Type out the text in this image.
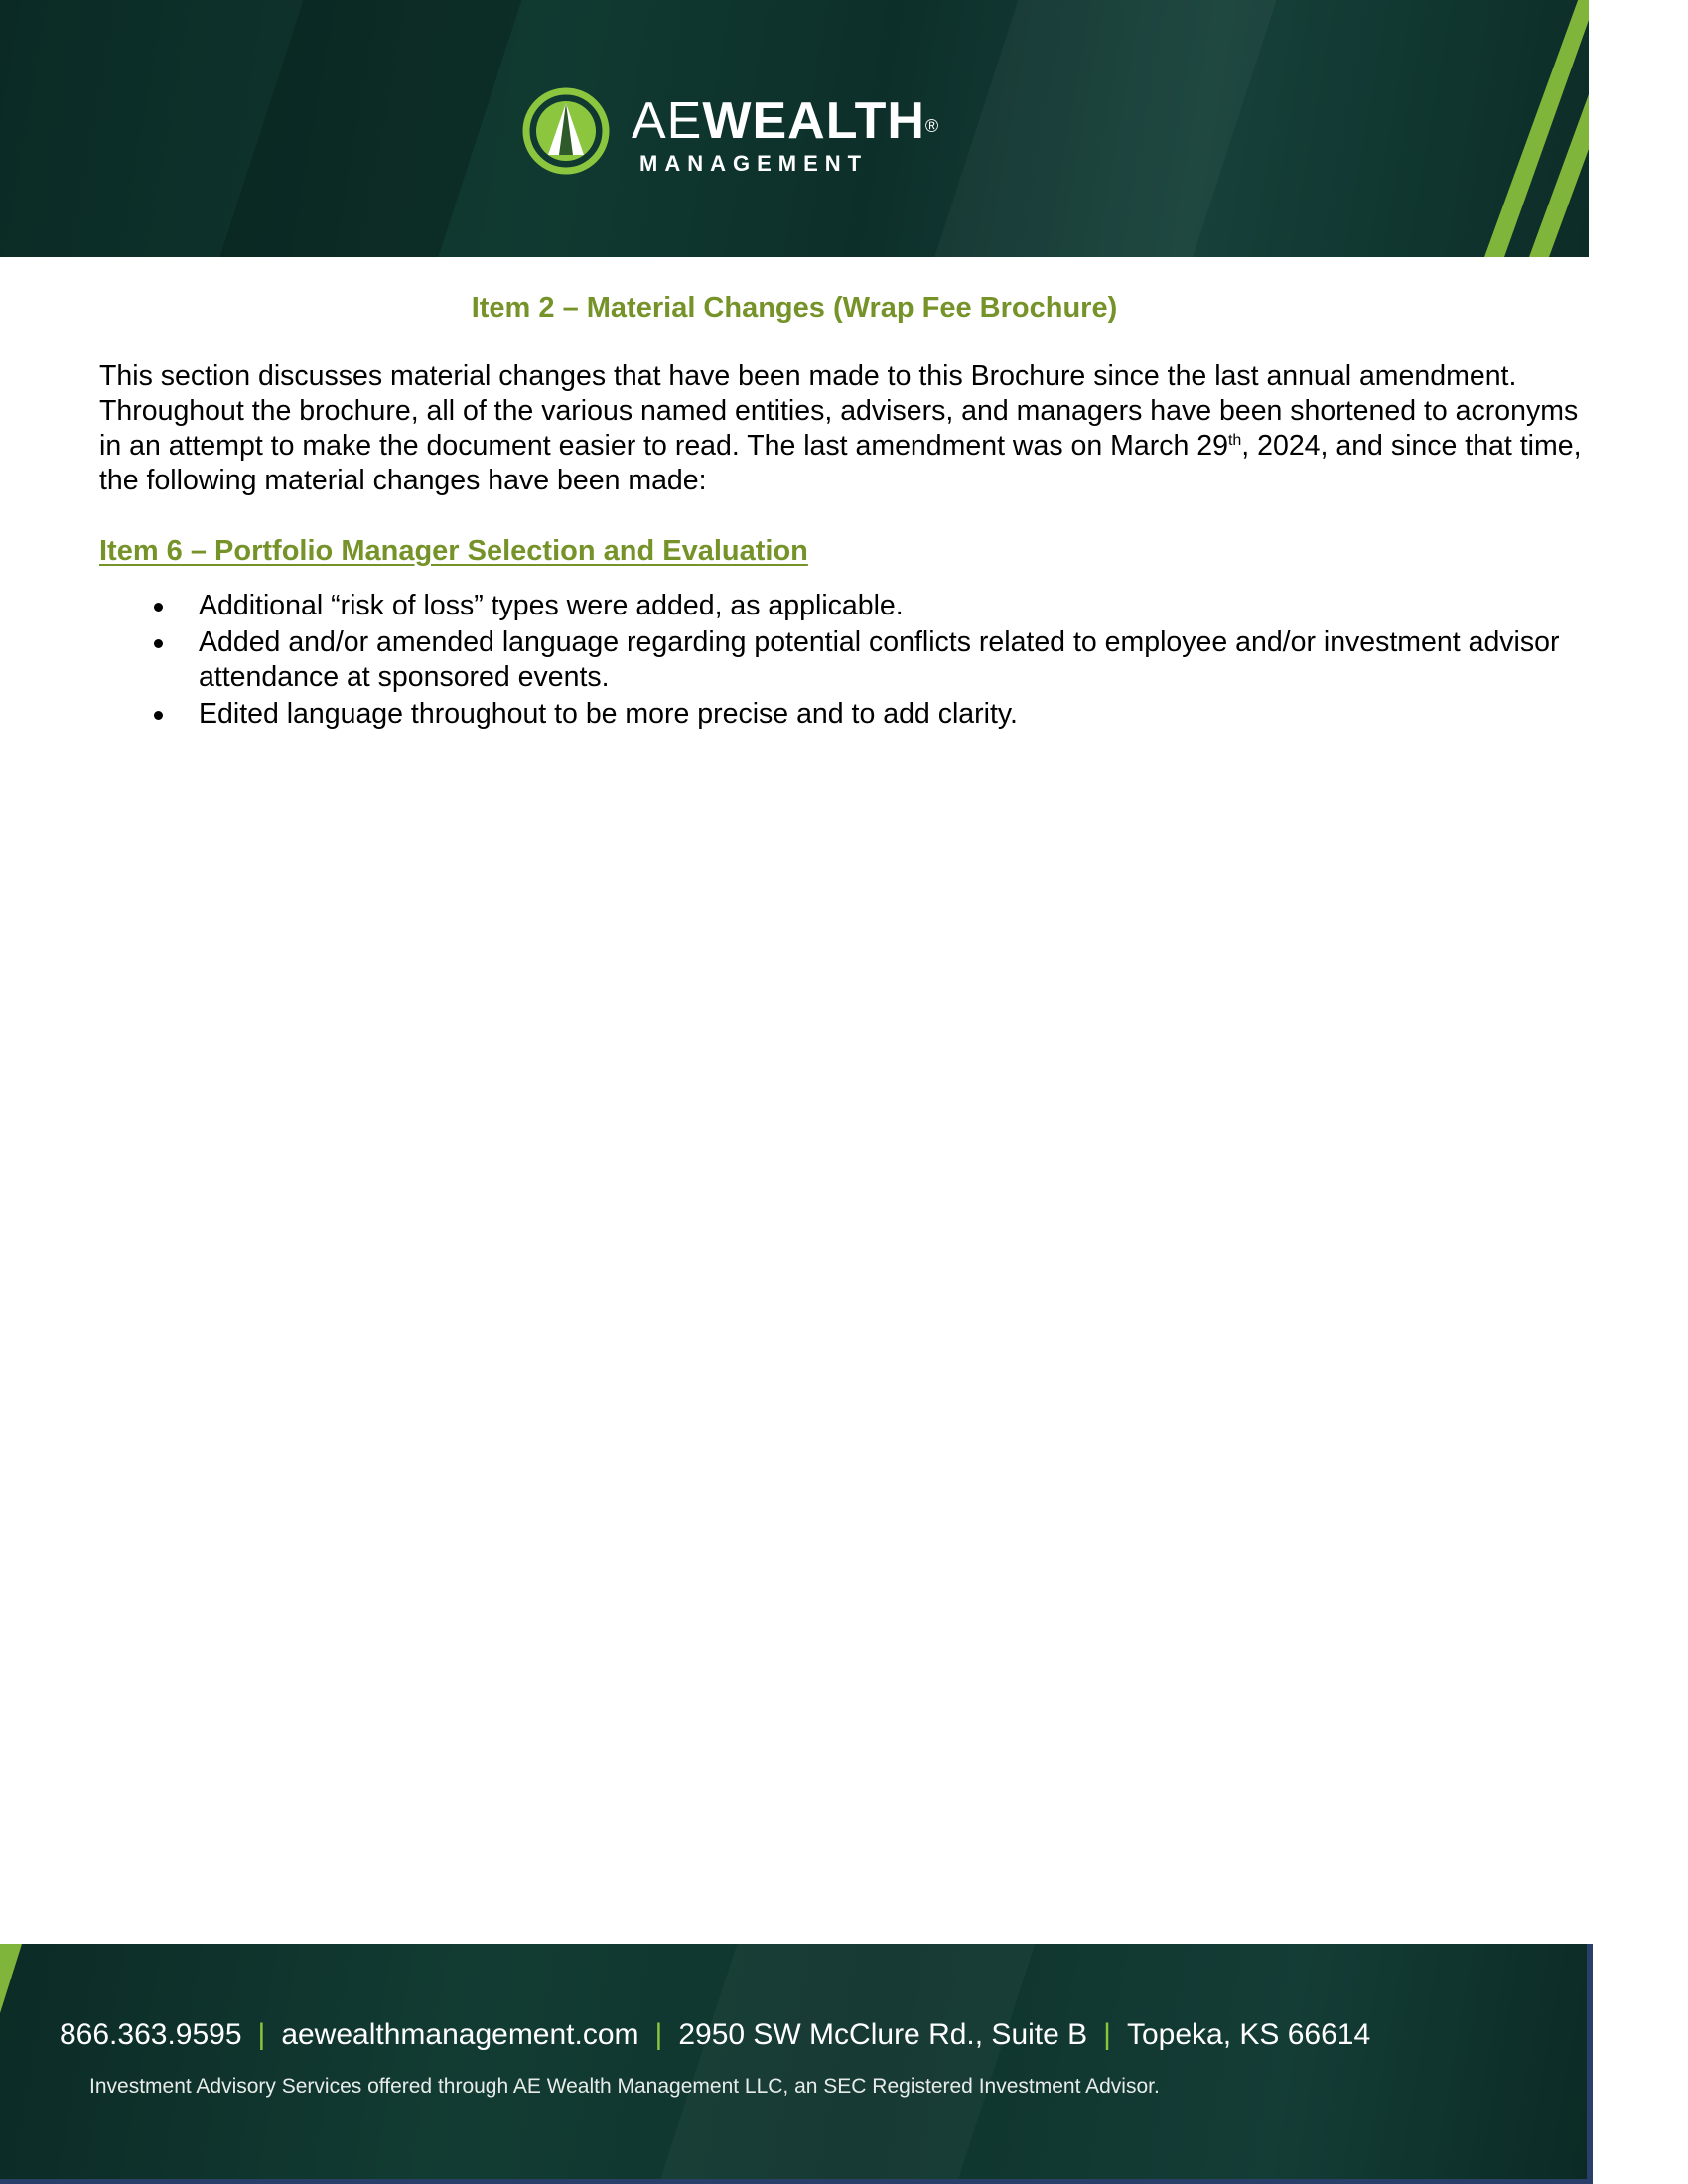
AEWEALTH®
MANAGEMENT
Item 2 – Material Changes (Wrap Fee Brochure)

This section discusses material changes that have been made to this Brochure since the last annual amendment. Throughout the brochure, all of the various named entities, advisers, and managers have been shortened to acronyms in an attempt to make the document easier to read. The last amendment was on March 29th, 2024, and since that time, the following material changes have been made:

Item 6 – Portfolio Manager Selection and Evaluation
Additional “risk of loss” types were added, as applicable.
Added and/or amended language regarding potential conflicts related to employee and/or investment advisor attendance at sponsored events.
Edited language throughout to be more precise and to add clarity.
866.363.9595 | aewealthmanagement.com | 2950 SW McClure Rd., Suite B | Topeka, KS 66614
Investment Advisory Services offered through AE Wealth Management LLC, an SEC Registered Investment Advisor.
